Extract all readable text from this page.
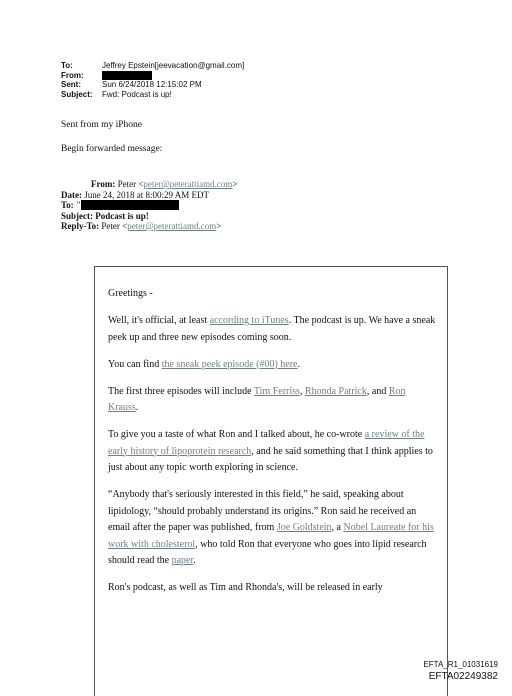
To:	Jeffrey Epstein[jeevacation@gmail.com]
From:
Sent:	Sun 6/24/2018 12:15:02 PM
Subject:	Fwd: Podcast is up!
Sent from my iPhone
Begin forwarded message:
From: Peter <peter@peterattiamd.com>
Date: June 24, 2018 at 8:00:29 AM EDT
To: "
Subject: Podcast is up!
Reply-To: Peter <peter@peterattiamd.com>

Greetings -

Well, it's official, at least according to iTunes. The podcast is up. We have a sneak peek up and three new episodes coming soon.

You can find the sneak peek episode (#00) here.

The first three episodes will include Tim Ferriss, Rhonda Patrick, and Ron Krauss.

To give you a taste of what Ron and I talked about, he co-wrote a review of the early history of lipoprotein research, and he said something that I think applies to just about any topic worth exploring in science.

“Anybody that's seriously interested in this field,” he said, speaking about lipidology, “should probably understand its origins.” Ron said he received an email after the paper was published, from Joe Goldstein, a Nobel Laureate for his work with cholesterol, who told Ron that everyone who goes into lipid research should read the paper.

Ron's podcast, as well as Tim and Rhonda's, will be released in early

EFTA_R1_01031619
EFTA02249382
